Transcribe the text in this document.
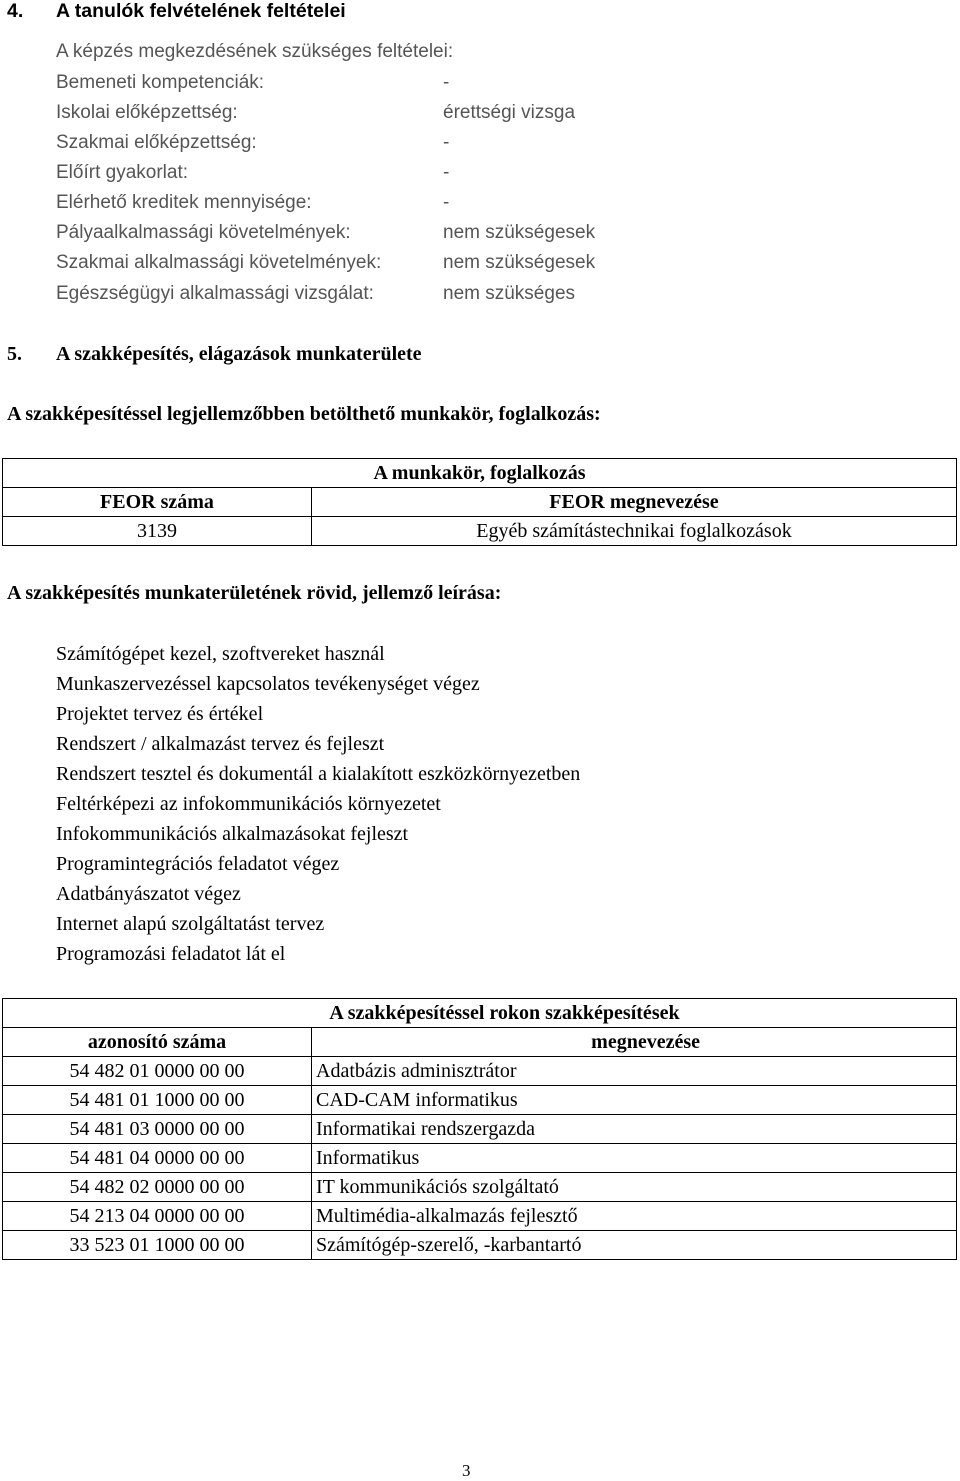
4. A tanulók felvételének feltételei
A képzés megkezdésének szükséges feltételei:
Bemeneti kompetenciák:	-
Iskolai előképzettség:	érettségi vizsga
Szakmai előképzettség:	-
Előírt gyakorlat:	-
Elérhető kreditek mennyisége:	-
Pályaalkalmassági követelmények:	nem szükségesek
Szakmai alkalmassági követelmények:	nem szükségesek
Egészségügyi alkalmassági vizsgálat:	nem szükséges
5. A szakképesítés, elágazások munkaterülete
A szakképesítéssel legjellemzőbben betölthető munkakör, foglalkozás:
A munkakör, foglalkozás	
FEOR száma	FEOR megnevezése
3139	Egyéb számítástechnikai foglalkozások
A szakképesítés munkaterületének rövid, jellemző leírása:
Számítógépet kezel, szoftvereket használ
Munkaszervezéssel kapcsolatos tevékenységet végez
Projektet tervez és értékel
Rendszert / alkalmazást tervez és fejleszt
Rendszert tesztel és dokumentál a kialakított eszközkörnyezetben
Feltérképezi az infokommunikációs környezetet
Infokommunikációs alkalmazásokat fejleszt
Programintegrációs feladatot végez
Adatbányászatot végez
Internet alapú szolgáltatást tervez
Programozási feladatot lát el
A szakképesítéssel rokon szakképesítések	
azonosító száma	megnevezése
54 482 01 0000 00 00	Adatbázis adminisztrátor
54 481 01 1000 00 00	CAD-CAM informatikus
54 481 03 0000 00 00	Informatikai rendszergazda
54 481 04 0000 00 00	Informatikus
54 482 02 0000 00 00	IT kommunikációs szolgáltató
54 213 04 0000 00 00	Multimédia-alkalmazás fejlesztő
33 523 01 1000 00 00	Számítógép-szerelő, -karbantartó
3
